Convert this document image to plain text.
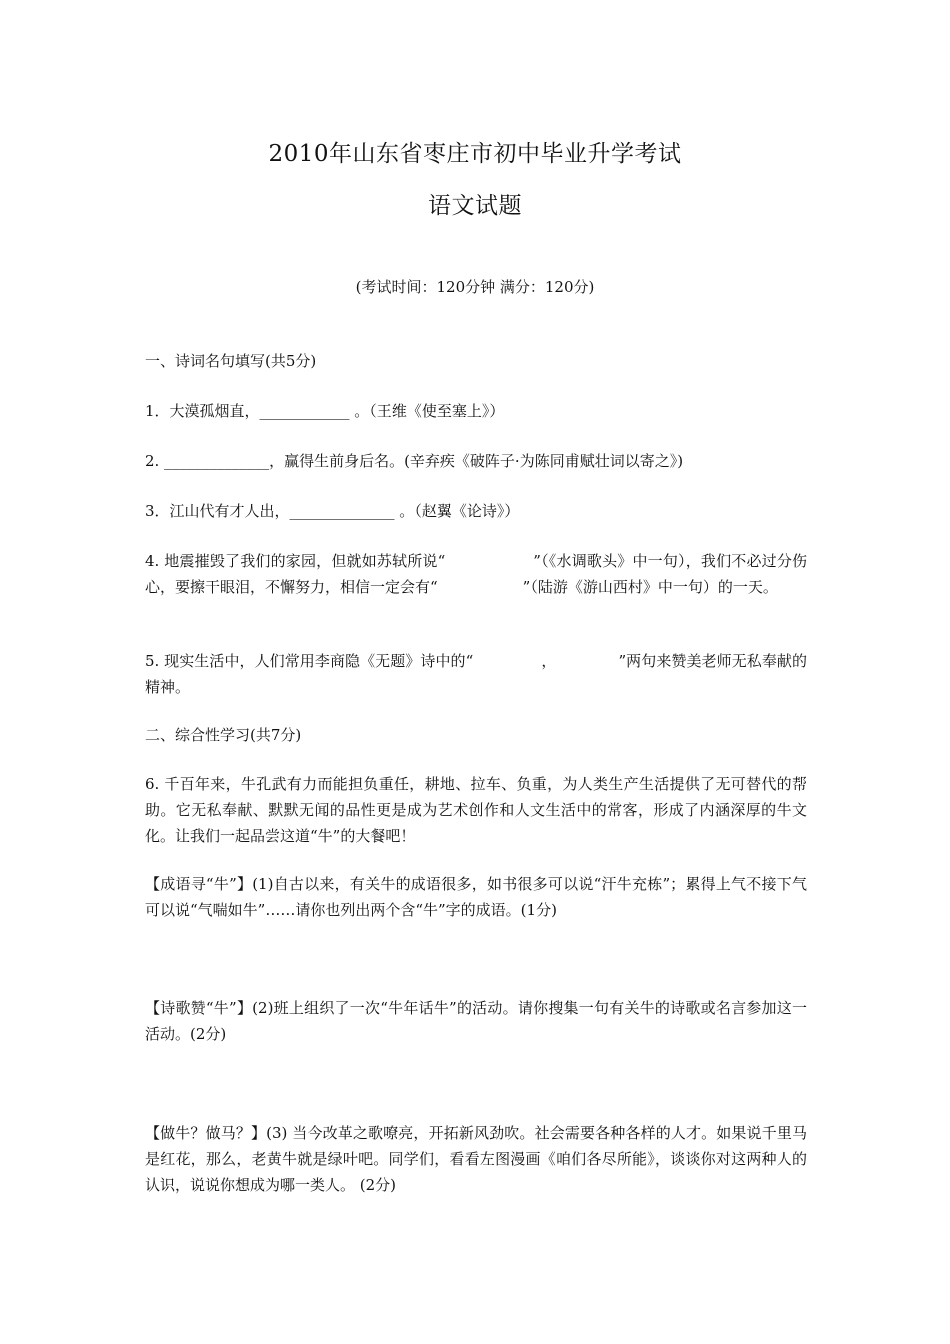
2010年山东省枣庄市初中毕业升学考试
语文试题
(考试时间：120分钟 满分：120分)
一、诗词名句填写(共5分)
1．大漠孤烟直，____________ 。（王维《使至塞上》）
2. ______________，赢得生前身后名。(辛弃疾《破阵子·为陈同甫赋壮词以寄之》)
3．江山代有才人出，______________ 。（赵翼《论诗》）
4. 地震摧毁了我们的家园，但就如苏轼所说“	”（《水调歌头》中一句），我们不必过分伤心，要擦干眼泪，不懈努力，相信一定会有“	”（陆游《游山西村》中一句）的一天。
5. 现实生活中，人们常用李商隐《无题》诗中的“	，	”两句来赞美老师无私奉献的精神。
二、综合性学习(共7分)
6. 千百年来，牛孔武有力而能担负重任，耕地、拉车、负重，为人类生产生活提供了无可替代的帮助。它无私奉献、默默无闻的品性更是成为艺术创作和人文生活中的常客，形成了内涵深厚的牛文化。让我们一起品尝这道“牛”的大餐吧！
【成语寻“牛”】(1)自古以来，有关牛的成语很多，如书很多可以说“汗牛充栋”；累得上气不接下气可以说“气喘如牛”……请你也列出两个含“牛”字的成语。(1分)
【诗歌赞“牛”】(2)班上组织了一次“牛年话牛”的活动。请你搜集一句有关牛的诗歌或名言参加这一活动。(2分)
【做牛？做马？】(3) 当今改革之歌嘹亮，开拓新风劲吹。社会需要各种各样的人才。如果说千里马是红花，那么，老黄牛就是绿叶吧。同学们，看看左图漫画《咱们各尽所能》，谈谈你对这两种人的认识，说说你想成为哪一类人。 (2分)
